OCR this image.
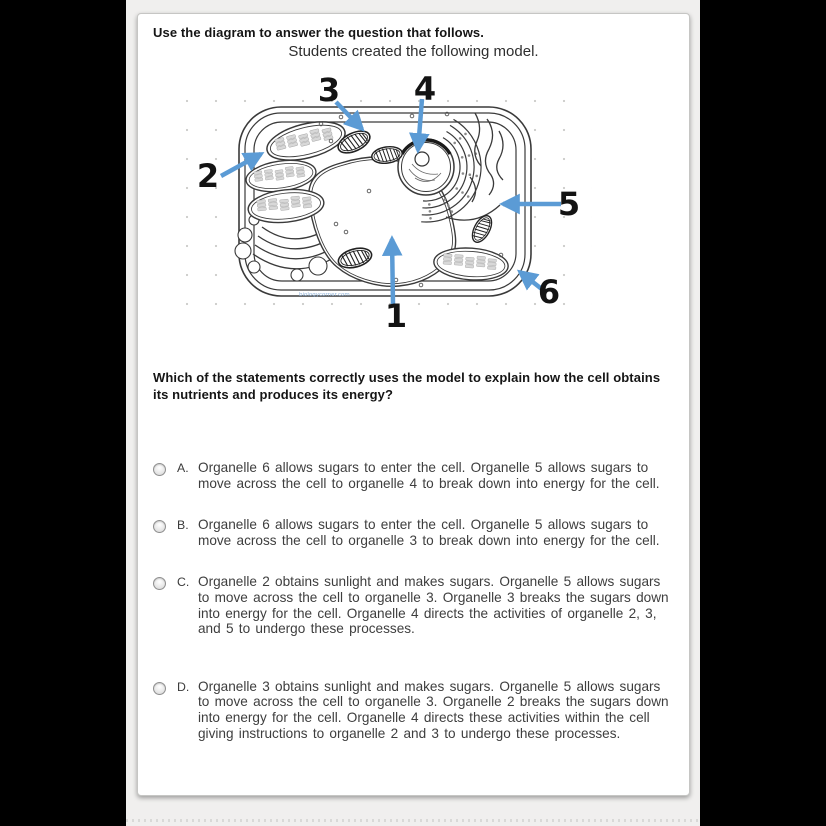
Use the diagram to answer the question that follows.
Students created the following model.
biologycorner.com
3 4
2
5
6
1
Which of the statements correctly uses the model to explain how the cell obtains its nutrients and produces its energy?
A. Organelle 6 allows sugars to enter the cell. Organelle 5 allows sugars to move across the cell to organelle 4 to break down into energy for the cell.
B. Organelle 6 allows sugars to enter the cell. Organelle 5 allows sugars to move across the cell to organelle 3 to break down into energy for the cell.
C. Organelle 2 obtains sunlight and makes sugars. Organelle 5 allows sugars to move across the cell to organelle 3. Organelle 3 breaks the sugars down into energy for the cell. Organelle 4 directs the activities of organelle 2, 3, and 5 to undergo these processes.
D. Organelle 3 obtains sunlight and makes sugars. Organelle 5 allows sugars to move across the cell to organelle 3. Organelle 2 breaks the sugars down into energy for the cell. Organelle 4 directs these activities within the cell giving instructions to organelle 2 and 3 to undergo these processes.
